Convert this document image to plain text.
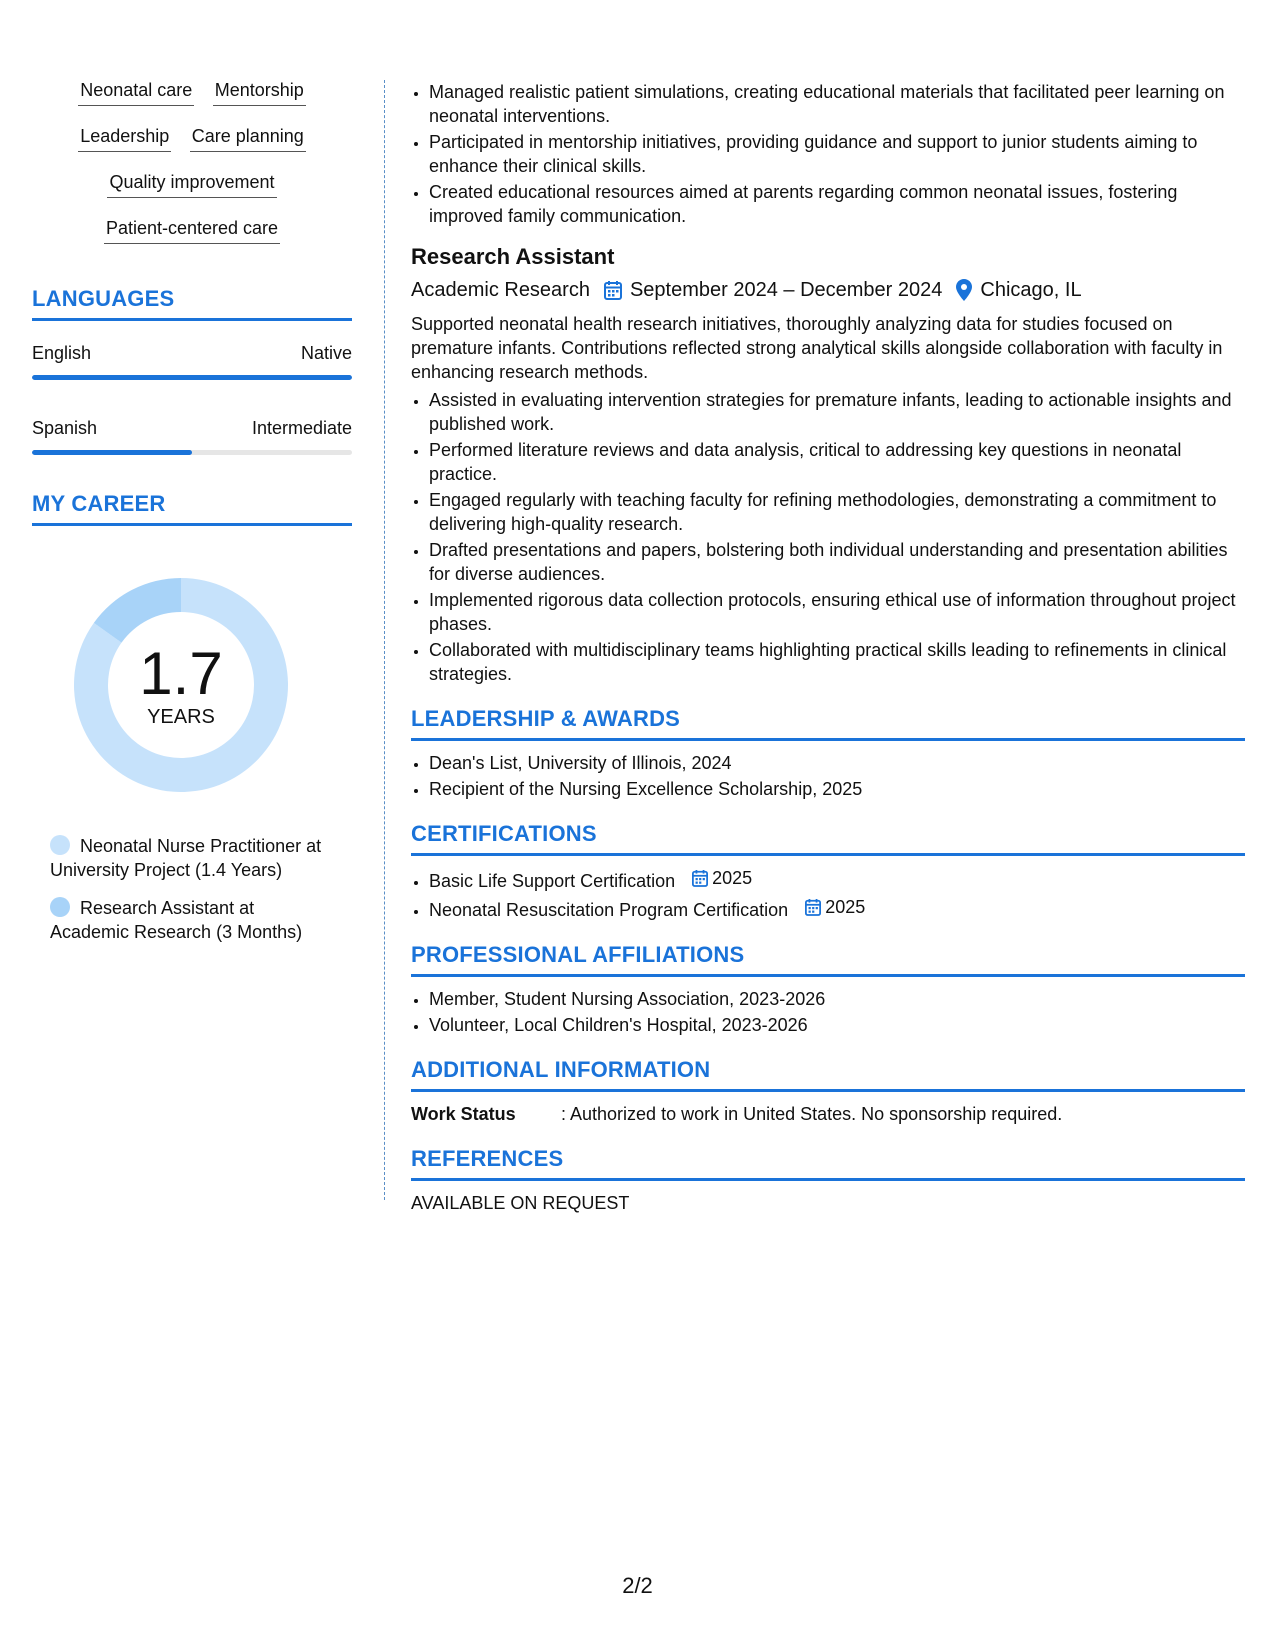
Neonatal care Mentorship
Leadership Care planning
Quality improvement
Patient-centered care
LANGUAGES
English	Native
Spanish	Intermediate
MY CAREER
1.7
YEARS
Neonatal Nurse Practitioner at University Project (1.4 Years)
Research Assistant at Academic Research (3 Months)
• Managed realistic patient simulations, creating educational materials that facilitated peer learning on neonatal interventions.
• Participated in mentorship initiatives, providing guidance and support to junior students aiming to enhance their clinical skills.
• Created educational resources aimed at parents regarding common neonatal issues, fostering improved family communication.
Research Assistant
Academic Research September 2024 – December 2024 Chicago, IL
Supported neonatal health research initiatives, thoroughly analyzing data for studies focused on premature infants. Contributions reflected strong analytical skills alongside collaboration with faculty in enhancing research methods.
• Assisted in evaluating intervention strategies for premature infants, leading to actionable insights and published work.
• Performed literature reviews and data analysis, critical to addressing key questions in neonatal practice.
• Engaged regularly with teaching faculty for refining methodologies, demonstrating a commitment to delivering high-quality research.
• Drafted presentations and papers, bolstering both individual understanding and presentation abilities for diverse audiences.
• Implemented rigorous data collection protocols, ensuring ethical use of information throughout project phases.
• Collaborated with multidisciplinary teams highlighting practical skills leading to refinements in clinical strategies.
LEADERSHIP & AWARDS
• Dean's List, University of Illinois, 2024
• Recipient of the Nursing Excellence Scholarship, 2025
CERTIFICATIONS
• Basic Life Support Certification 2025
• Neonatal Resuscitation Program Certification 2025
PROFESSIONAL AFFILIATIONS
• Member, Student Nursing Association, 2023-2026
• Volunteer, Local Children's Hospital, 2023-2026
ADDITIONAL INFORMATION
Work Status	: Authorized to work in United States. No sponsorship required.
REFERENCES
AVAILABLE ON REQUEST
2/2
